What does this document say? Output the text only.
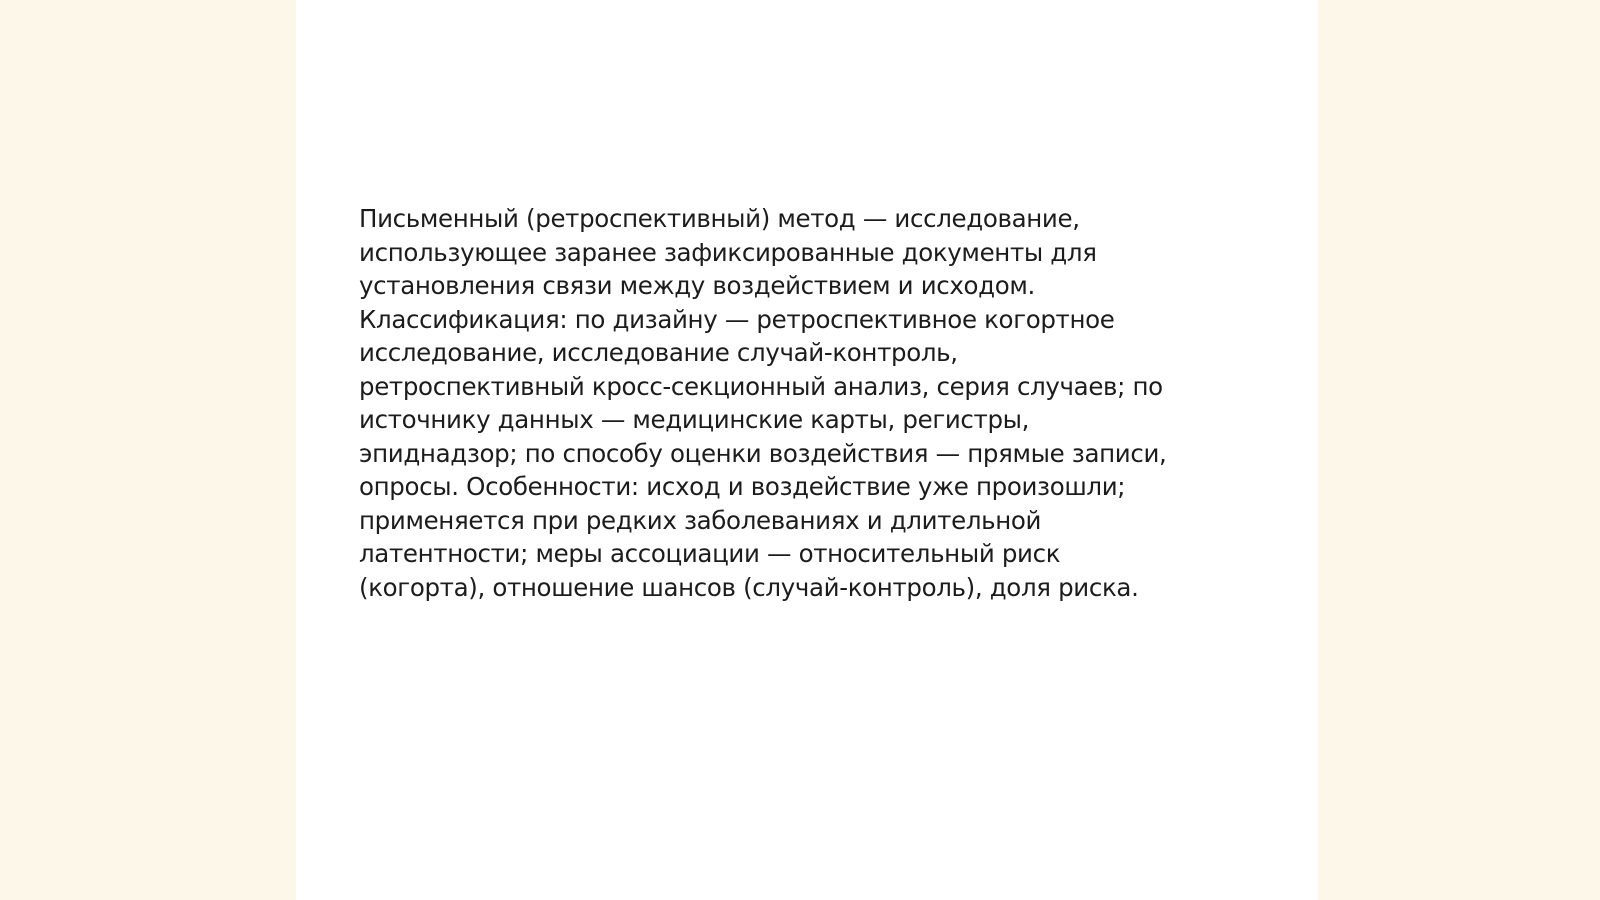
Письменный (ретроспективный) метод — исследование,
использующее заранее зафиксированные документы для
установления связи между воздействием и исходом.
Классификация: по дизайну — ретроспективное когортное
исследование, исследование случай-контроль,
ретроспективный кросс-секционный анализ, серия случаев; по
источнику данных — медицинские карты, регистры,
эпиднадзор; по способу оценки воздействия — прямые записи,
опросы. Особенности: исход и воздействие уже произошли;
применяется при редких заболеваниях и длительной
латентности; меры ассоциации — относительный риск
(когорта), отношение шансов (случай-контроль), доля риска.
